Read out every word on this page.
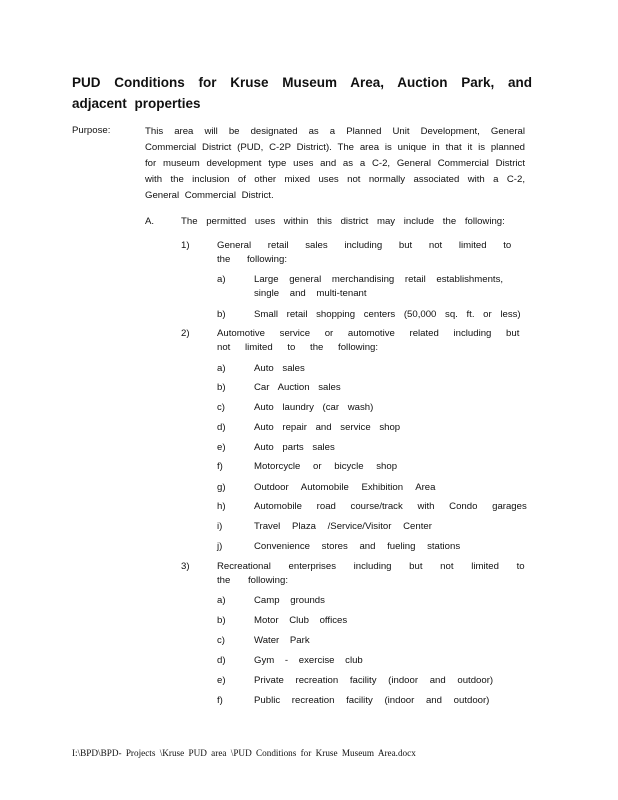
PUD Conditions for Kruse Museum Area, Auction Park, and adjacent properties
Purpose:	This area will be designated as a Planned Unit Development, General Commercial District (PUD, C-2P District). The area is unique in that it is planned for museum development type uses and as a C-2, General Commercial District with the inclusion of other mixed uses not normally associated with a C-2, General Commercial District.
A.	The permitted uses within this district may include the following:
1)	General retail sales including but not limited to the following:
a)	Large general merchandising retail establishments, single and multi-tenant
b)	Small retail shopping centers (50,000 sq. ft. or less)
2)	Automotive service or automotive related including but not limited to the following:
a)	Auto sales
b)	Car Auction sales
c)	Auto laundry (car wash)
d)	Auto repair and service shop
e)	Auto parts sales
f)	Motorcycle or bicycle shop
g)	Outdoor Automobile Exhibition Area
h)	Automobile road course/track with Condo garages
i)	Travel Plaza /Service/Visitor Center
j)	Convenience stores and fueling stations
3)	Recreational enterprises including but not limited to the following:
a)	Camp grounds
b)	Motor Club offices
c)	Water Park
d)	Gym - exercise club
e)	Private recreation facility (indoor and outdoor)
f)	Public recreation facility (indoor and outdoor)
I:\BPD\BPD- Projects \Kruse PUD area \PUD Conditions for Kruse Museum Area.docx
